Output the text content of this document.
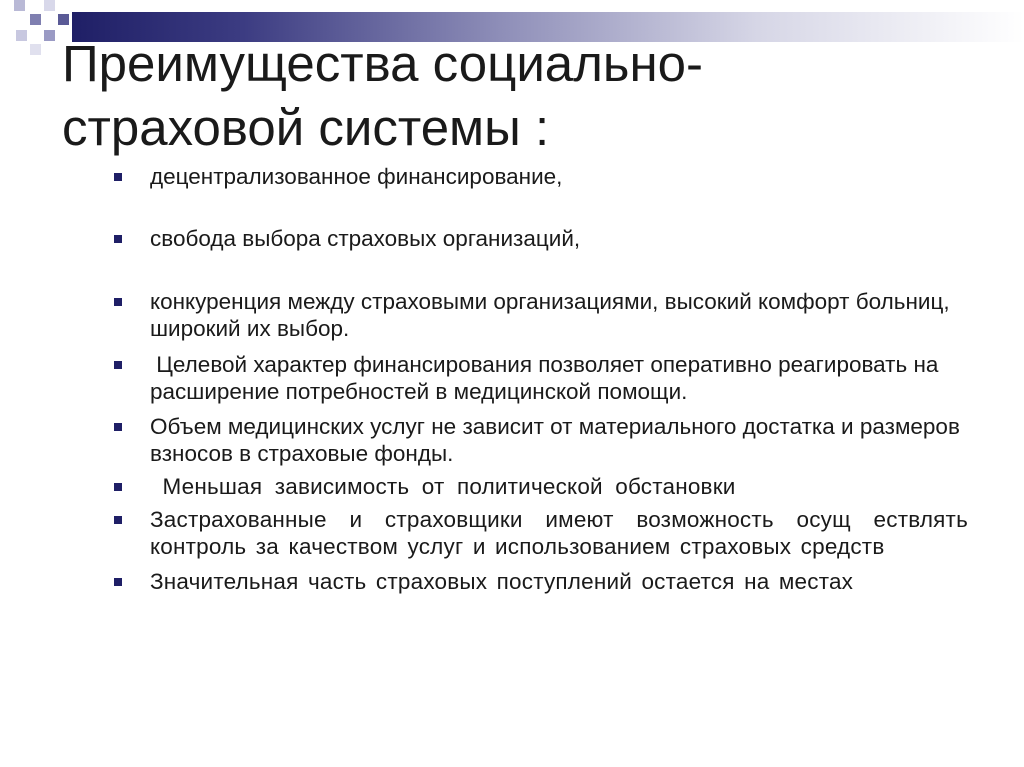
Преимущества социально-
страховой системы :
децентрализованное финансирование,
свобода выбора страховых организаций,
конкуренция между страховыми организациями, высокий комфорт больниц, широкий их выбор.
Целевой характер финансирования позволяет оперативно реагировать на расширение потребностей в медицинской помощи.
Объем медицинских услуг не зависит от материального достатка и размеров взносов в страховые фонды.
Меньшая зависимость от политической обстановки
Застрахованные и страховщики имеют возможность осущ ествлять контроль за качеством услуг и использованием страховых средств
Значительная часть страховых поступлений остается на местах
